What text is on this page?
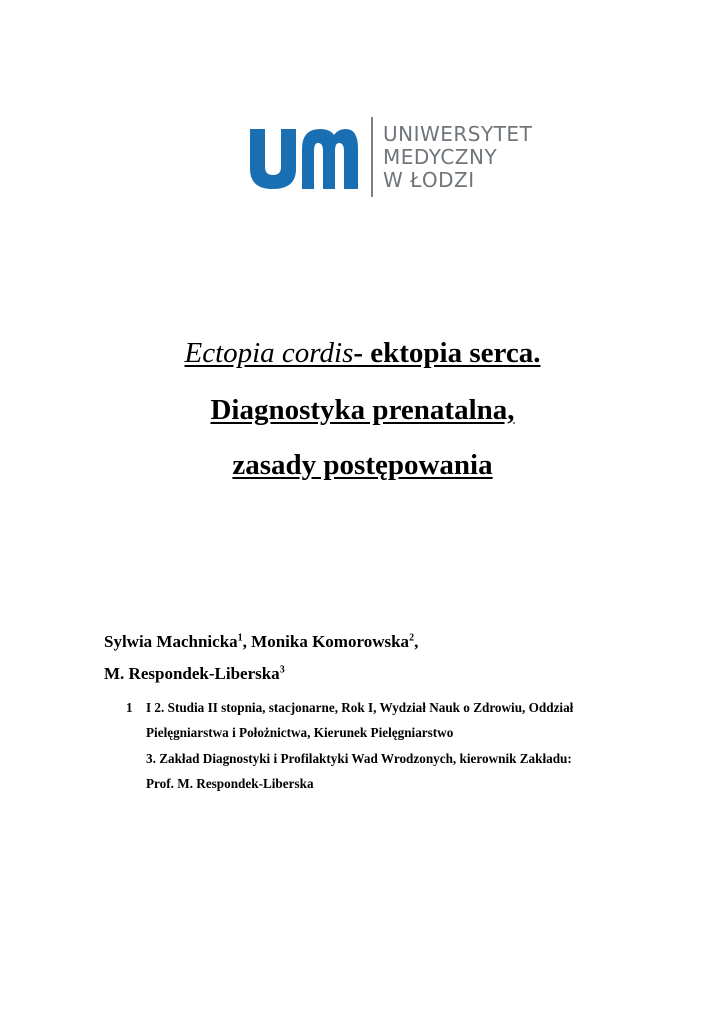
UNIWERSYTET
MEDYCZNY
W ŁODZI
Ectopia cordis- ektopia serca.
Diagnostyka prenatalna,
zasady postępowania
Sylwia Machnicka$^1$, Monika Komorowska$^2$,
M. Respondek-Liberska$^3$
1 I 2. Studia II stopnia, stacjonarne, Rok I, Wydział Nauk o Zdrowiu, Oddział
Pielęgniarstwa i Położnictwa, Kierunek Pielęgniarstwo
3. Zakład Diagnostyki i Profilaktyki Wad Wrodzonych, kierownik Zakładu:
Prof. M. Respondek-Liberska
